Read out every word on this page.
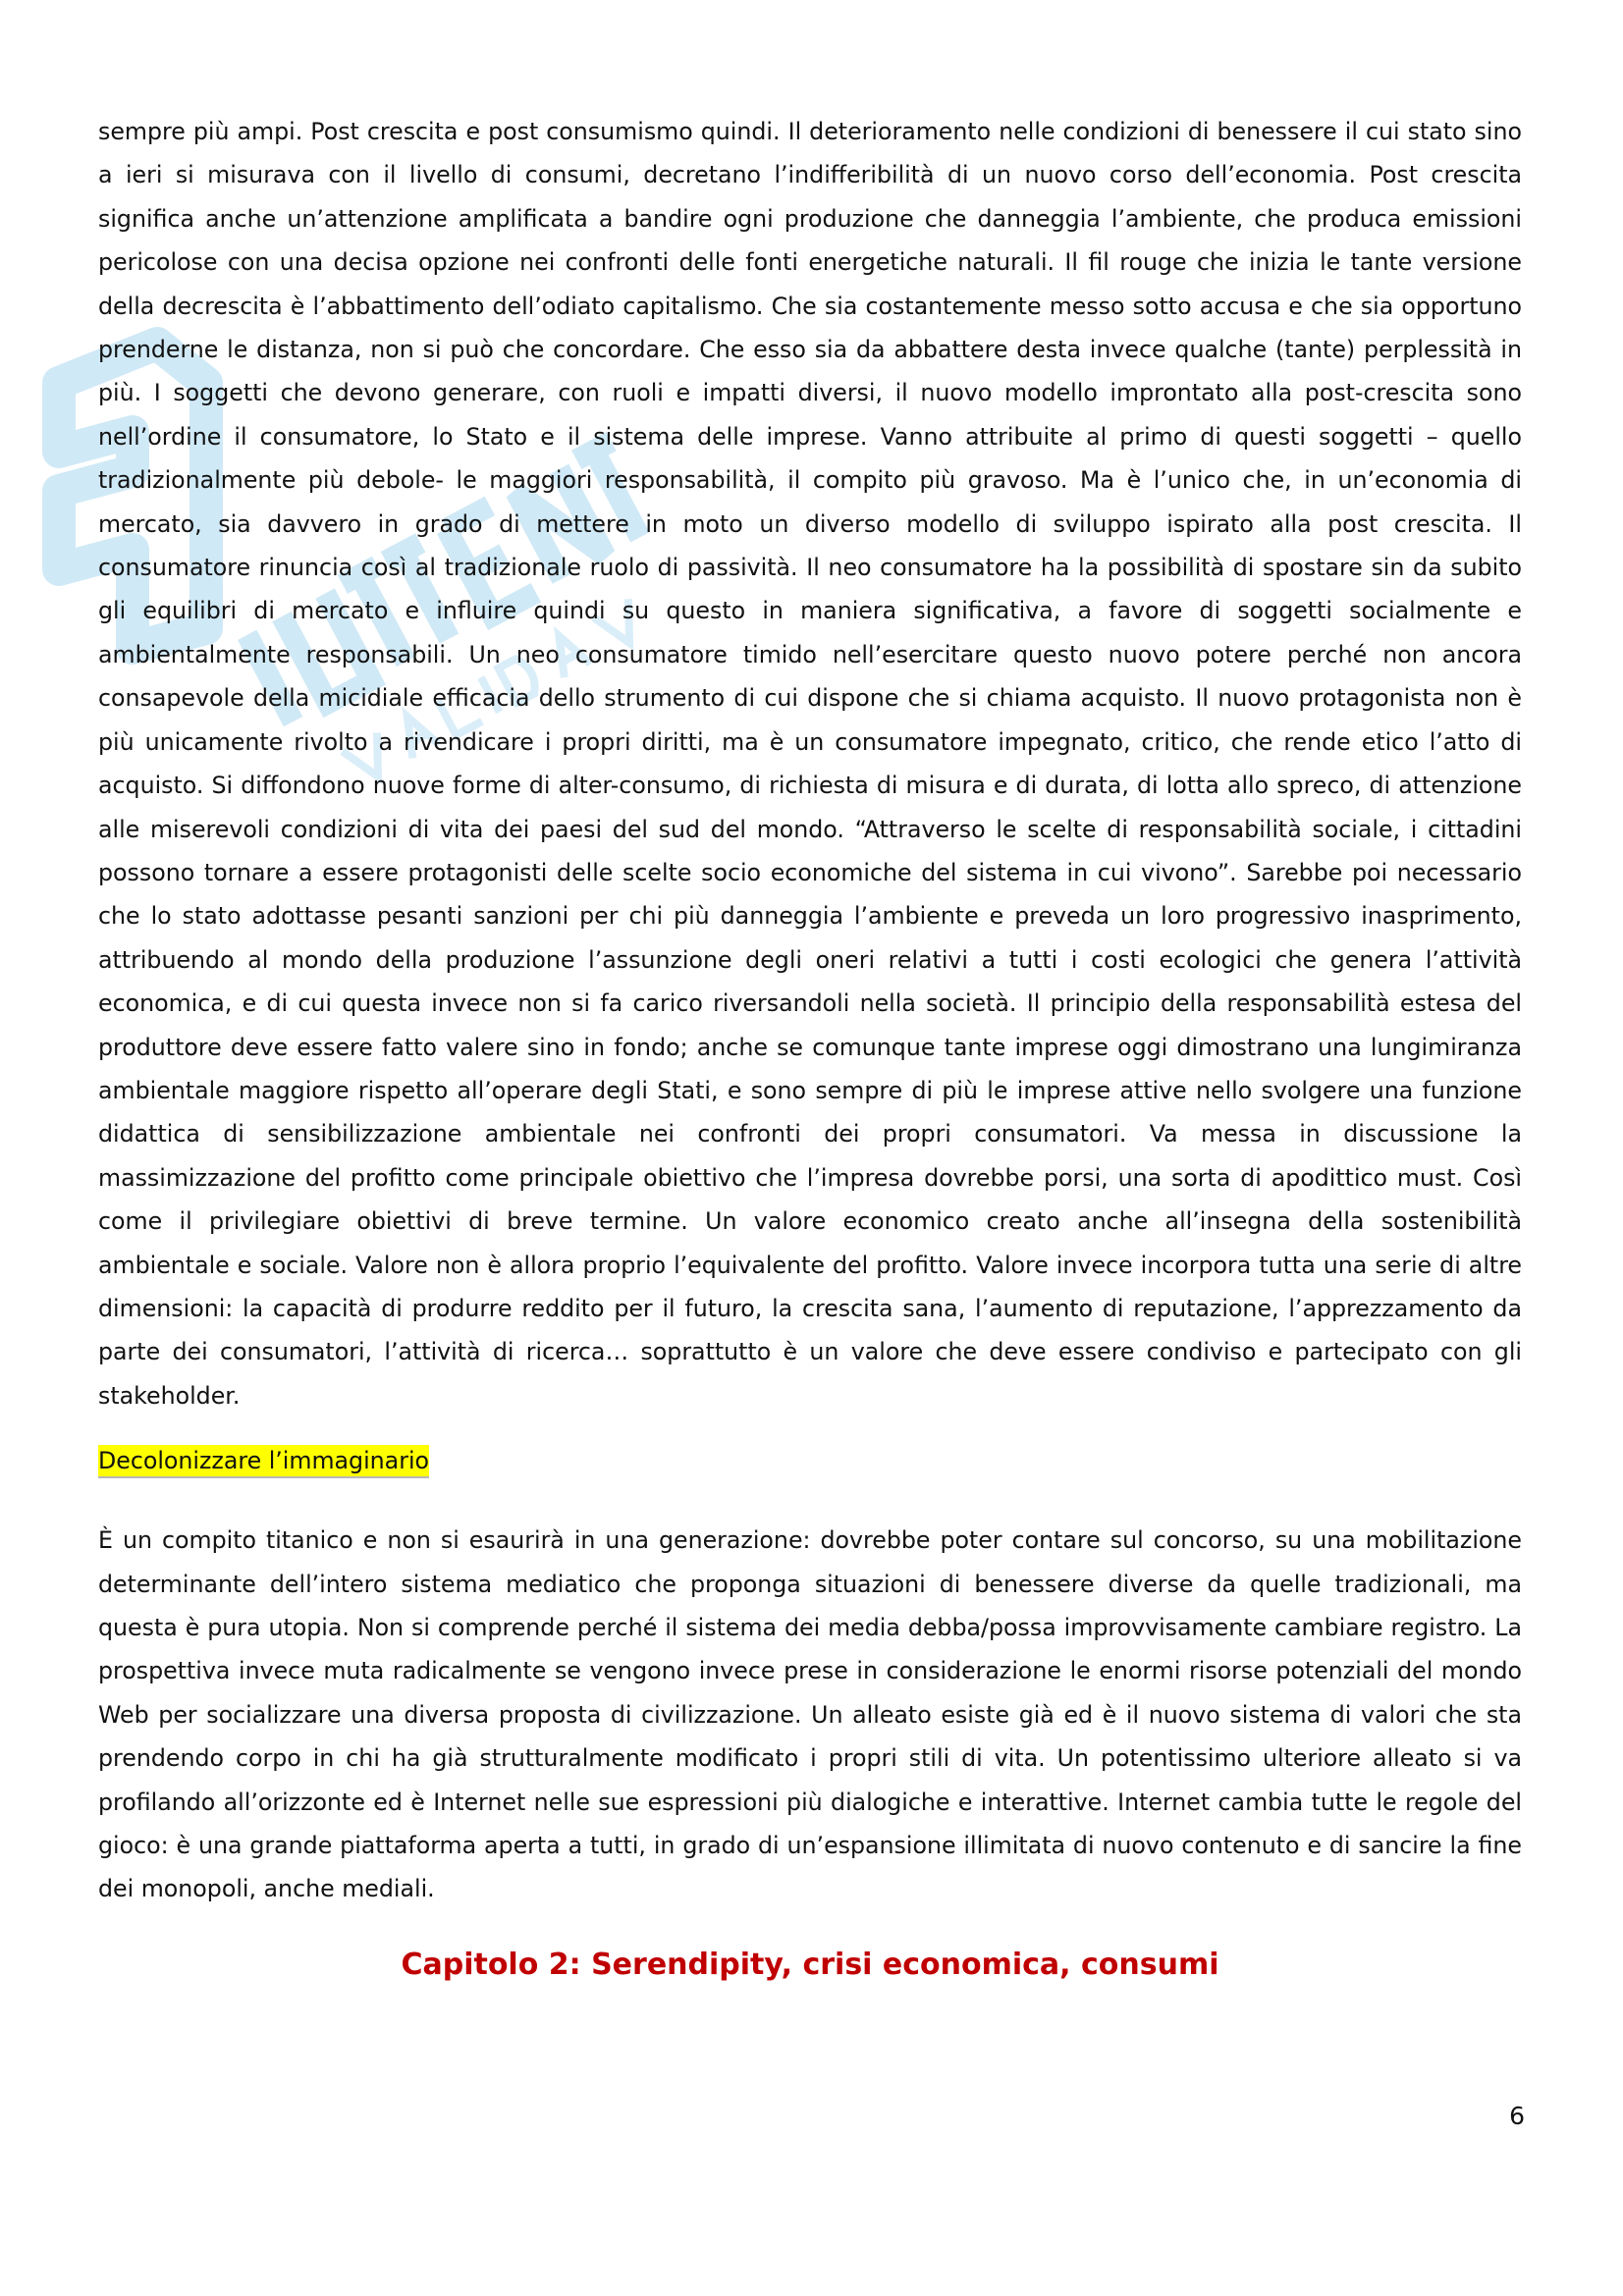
sempre più ampi. Post crescita e post consumismo quindi. Il deterioramento nelle condizioni di benessere il cui stato sino a ieri si misurava con il livello di consumi, decretano l’indifferibilità di un nuovo corso dell’economia. Post crescita significa anche un’attenzione amplificata a bandire ogni produzione che danneggia l’ambiente, che produca emissioni pericolose con una decisa opzione nei confronti delle fonti energetiche naturali. Il fil rouge che inizia le tante versione della decrescita è l’abbattimento dell’odiato capitalismo. Che sia costantemente messo sotto accusa e che sia opportuno prenderne le distanza, non si può che concordare. Che esso sia da abbattere desta invece qualche (tante) perplessità in più. I soggetti che devono generare, con ruoli e impatti diversi, il nuovo modello improntato alla post-crescita sono nell’ordine il consumatore, lo Stato e il sistema delle imprese. Vanno attribuite al primo di questi soggetti – quello tradizionalmente più debole- le maggiori responsabilità, il compito più gravoso. Ma è l’unico che, in un’economia di mercato, sia davvero in grado di mettere in moto un diverso modello di sviluppo ispirato alla post crescita. Il consumatore rinuncia così al tradizionale ruolo di passività. Il neo consumatore ha la possibilità di spostare sin da subito gli equilibri di mercato e influire quindi su questo in maniera significativa, a favore di soggetti socialmente e ambientalmente responsabili. Un neo consumatore timido nell’esercitare questo nuovo potere perché non ancora consapevole della micidiale efficacia dello strumento di cui dispone che si chiama acquisto. Il nuovo protagonista non è più unicamente rivolto a rivendicare i propri diritti, ma è un consumatore impegnato, critico, che rende etico l’atto di acquisto. Si diffondono nuove forme di alter-consumo, di richiesta di misura e di durata, di lotta allo spreco, di attenzione alle miserevoli condizioni di vita dei paesi del sud del mondo. “Attraverso le scelte di responsabilità sociale, i cittadini possono tornare a essere protagonisti delle scelte socio economiche del sistema in cui vivono”. Sarebbe poi necessario che lo stato adottasse pesanti sanzioni per chi più danneggia l’ambiente e preveda un loro progressivo inasprimento, attribuendo al mondo della produzione l’assunzione degli oneri relativi a tutti i costi ecologici che genera l’attività economica, e di cui questa invece non si fa carico riversandoli nella società. Il principio della responsabilità estesa del produttore deve essere fatto valere sino in fondo; anche se comunque tante imprese oggi dimostrano una lungimiranza ambientale maggiore rispetto all’operare degli Stati, e sono sempre di più le imprese attive nello svolgere una funzione didattica di sensibilizzazione ambientale nei confronti dei propri consumatori. Va messa in discussione la massimizzazione del profitto come principale obiettivo che l’impresa dovrebbe porsi, una sorta di apodittico must. Così come il privilegiare obiettivi di breve termine. Un valore economico creato anche all’insegna della sostenibilità ambientale e sociale. Valore non è allora proprio l’equivalente del profitto. Valore invece incorpora tutta una serie di altre dimensioni: la capacità di produrre reddito per il futuro, la crescita sana, l’aumento di reputazione, l’apprezzamento da parte dei consumatori, l’attività di ricerca… soprattutto è un valore che deve essere condiviso e partecipato con gli stakeholder.

Decolonizzare l’immaginario

È un compito titanico e non si esaurirà in una generazione: dovrebbe poter contare sul concorso, su una mobilitazione determinante dell’intero sistema mediatico che proponga situazioni di benessere diverse da quelle tradizionali, ma questa è pura utopia. Non si comprende perché il sistema dei media debba/possa improvvisamente cambiare registro. La prospettiva invece muta radicalmente se vengono invece prese in considerazione le enormi risorse potenziali del mondo Web per socializzare una diversa proposta di civilizzazione. Un alleato esiste già ed è il nuovo sistema di valori che sta prendendo corpo in chi ha già strutturalmente modificato i propri stili di vita. Un potentissimo ulteriore alleato si va profilando all’orizzonte ed è Internet nelle sue espressioni più dialogiche e interattive. Internet cambia tutte le regole del gioco: è una grande piattaforma aperta a tutti, in grado di un’espansione illimitata di nuovo contenuto e di sancire la fine dei monopoli, anche mediali.

Capitolo 2: Serendipity, crisi economica, consumi
6
